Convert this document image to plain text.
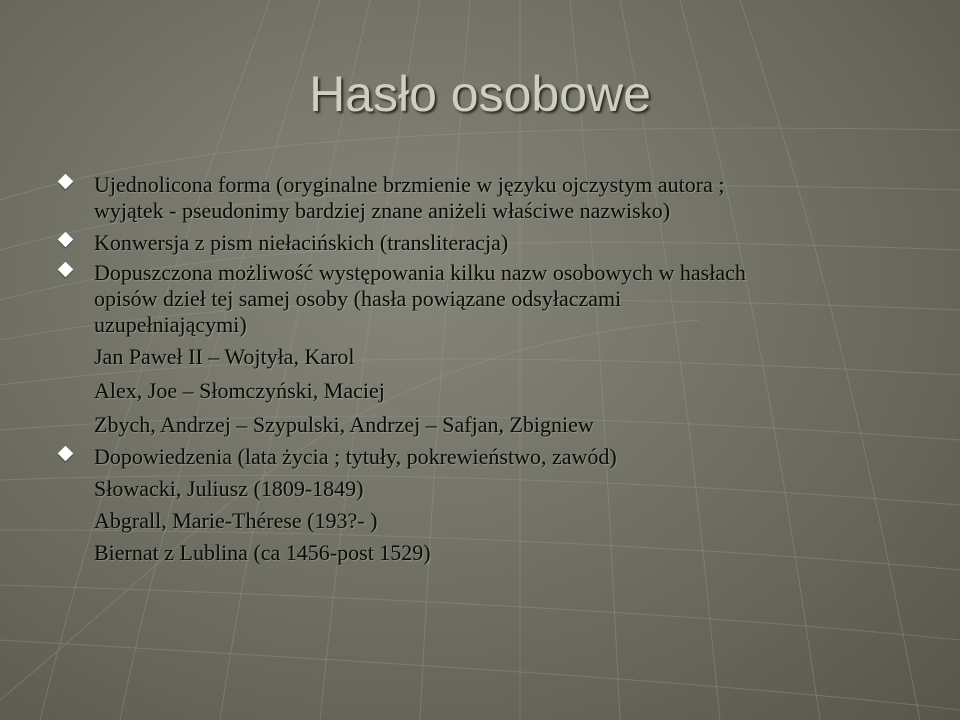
Hasło osobowe
Ujednolicona forma (oryginalne brzmienie w języku ojczystym autora ;
wyjątek - pseudonimy bardziej znane aniżeli właściwe nazwisko)
Konwersja z pism niełacińskich (transliteracja)
Dopuszczona możliwość występowania kilku nazw osobowych w hasłach
opisów dzieł tej samej osoby (hasła powiązane odsyłaczami
uzupełniającymi)
Jan Paweł II – Wojtyła, Karol
Alex, Joe – Słomczyński, Maciej
Zbych, Andrzej – Szypulski, Andrzej – Safjan, Zbigniew
Dopowiedzenia (lata życia ; tytuły, pokrewieństwo, zawód)
Słowacki, Juliusz (1809-1849)
Abgrall, Marie-Thérese (193?- )
Biernat z Lublina (ca 1456-post 1529)
